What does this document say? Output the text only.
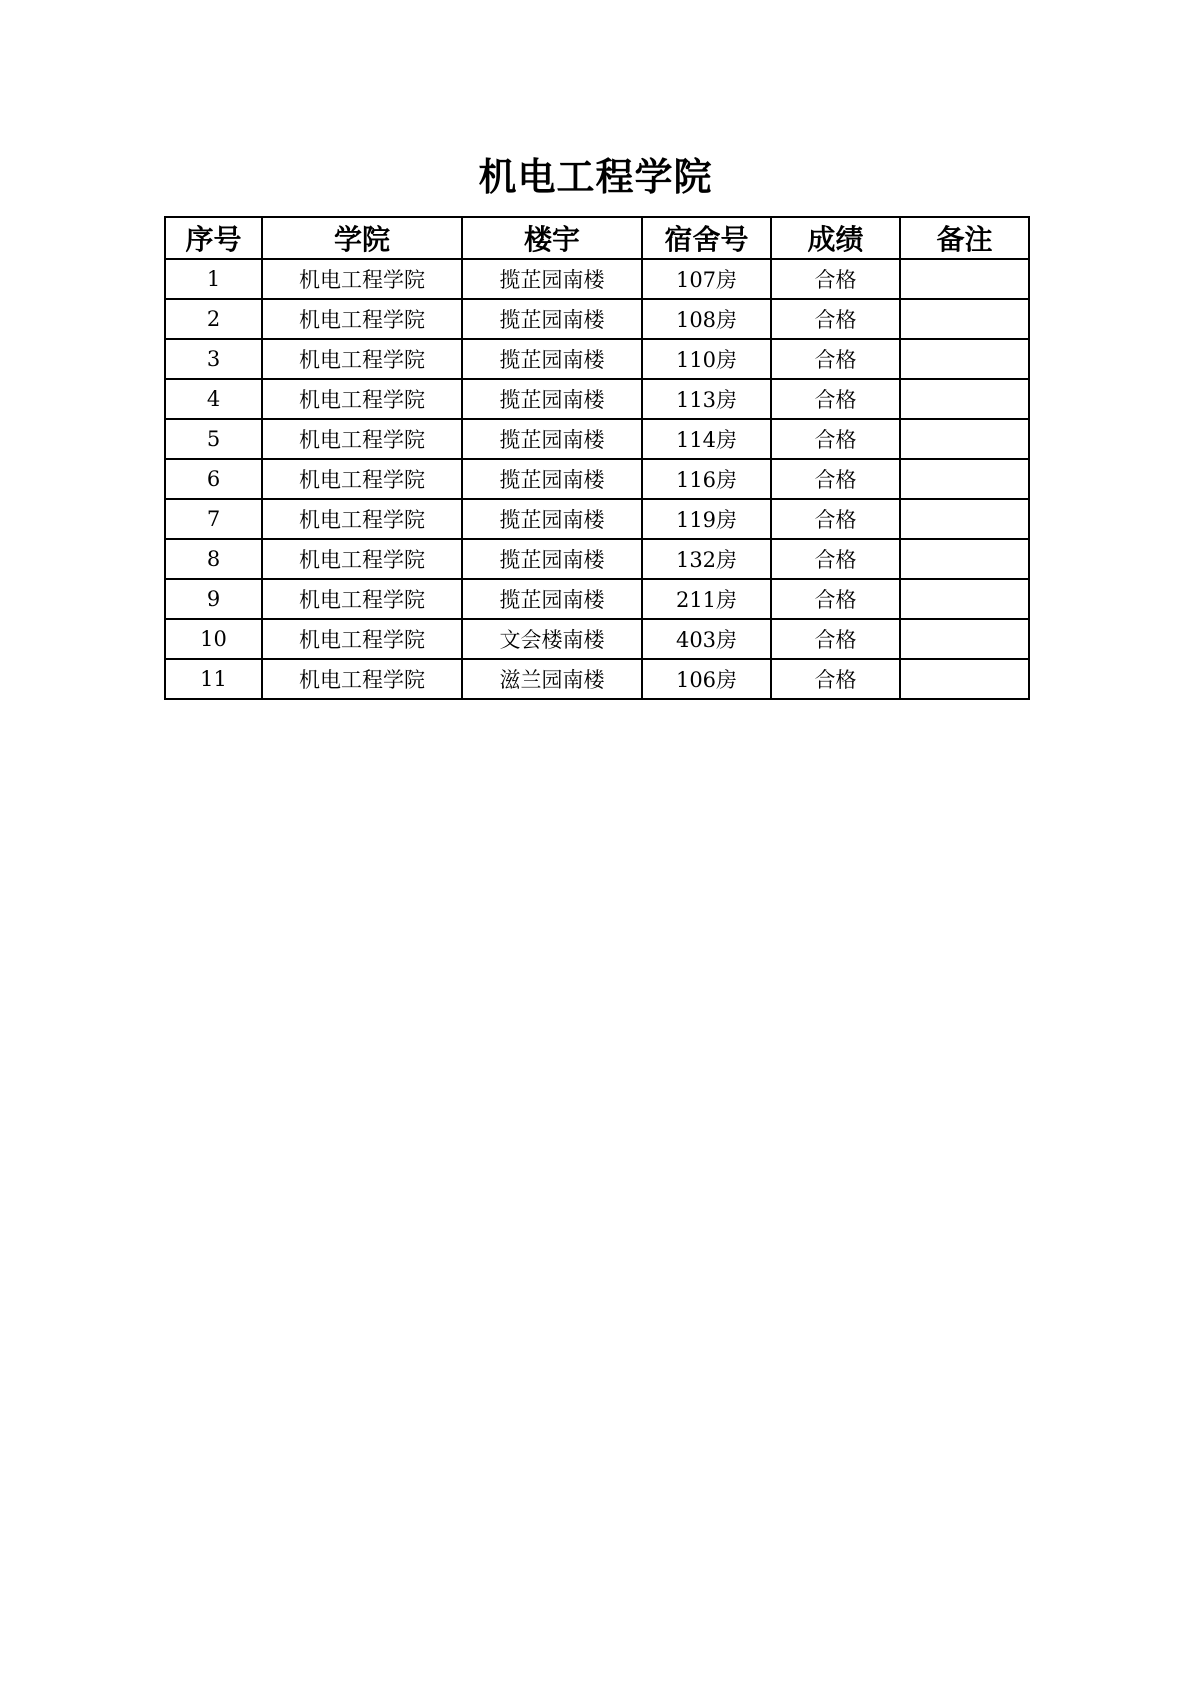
机电工程学院
序号	学院	楼宇	宿舍号	成绩	备注
1	机电工程学院	揽芷园南楼	107房	合格	
2	机电工程学院	揽芷园南楼	108房	合格	
3	机电工程学院	揽芷园南楼	110房	合格	
4	机电工程学院	揽芷园南楼	113房	合格	
5	机电工程学院	揽芷园南楼	114房	合格	
6	机电工程学院	揽芷园南楼	116房	合格	
7	机电工程学院	揽芷园南楼	119房	合格	
8	机电工程学院	揽芷园南楼	132房	合格	
9	机电工程学院	揽芷园南楼	211房	合格	
10	机电工程学院	文会楼南楼	403房	合格	
11	机电工程学院	滋兰园南楼	106房	合格	
